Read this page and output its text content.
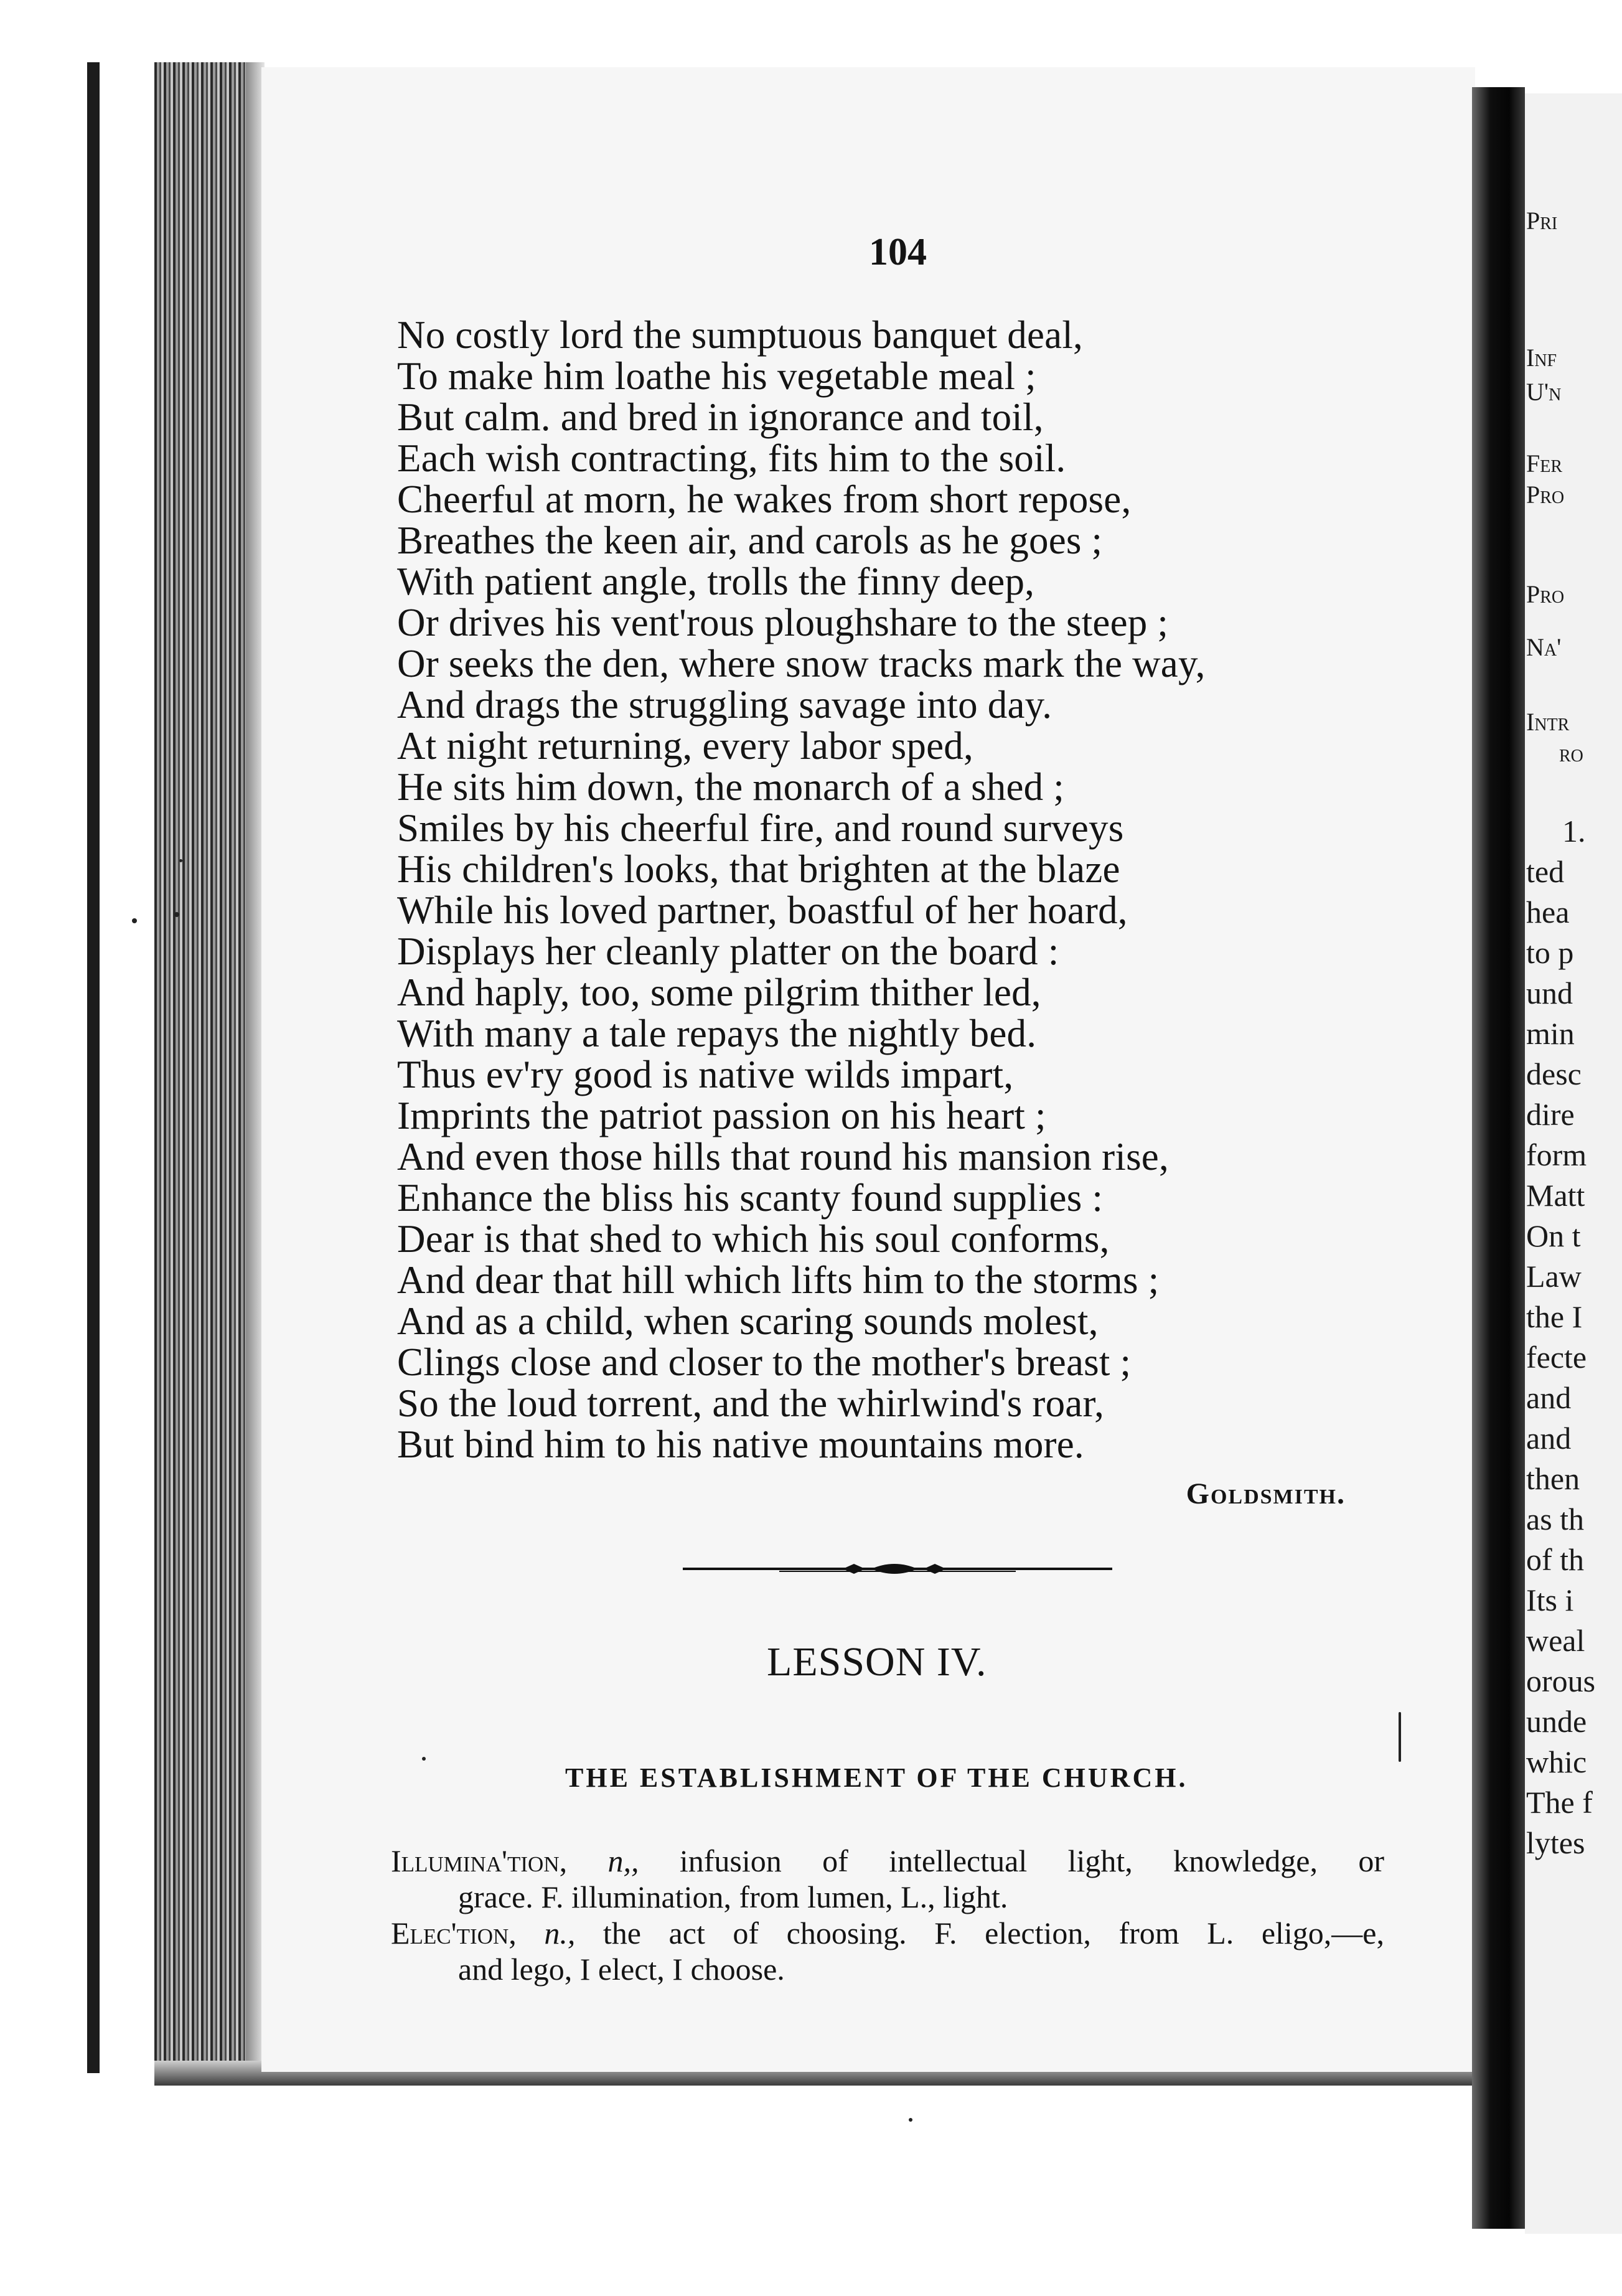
104
No costly lord the sumptuous banquet deal,
To make him loathe his vegetable meal ;
But calm. and bred in ignorance and toil,
Each wish contracting, fits him to the soil.
Cheerful at morn, he wakes from short repose,
Breathes the keen air, and carols as he goes ;
With patient angle, trolls the finny deep,
Or drives his vent'rous ploughshare to the steep ;
Or seeks the den, where snow tracks mark the way,
And drags the struggling savage into day.
At night returning, every labor sped,
He sits him down, the monarch of a shed ;
Smiles by his cheerful fire, and round surveys
His children's looks, that brighten at the blaze
While his loved partner, boastful of her hoard,
Displays her cleanly platter on the board :
And haply, too, some pilgrim thither led,
With many a tale repays the nightly bed.
Thus ev'ry good is native wilds impart,
Imprints the patriot passion on his heart ;
And even those hills that round his mansion rise,
Enhance the bliss his scanty found supplies :
Dear is that shed to which his soul conforms,
And dear that hill which lifts him to the storms ;
And as a child, when scaring sounds molest,
Clings close and closer to the mother's breast ;
So the loud torrent, and the whirlwind's roar,
But bind him to his native mountains more.
Goldsmith.
LESSON IV.
THE ESTABLISHMENT OF THE CHURCH.
Illumina'tion, n,, infusion of intellectual light, knowledge, or
grace. F. illumination, from lumen, L., light.
Elec'tion, n., the act of choosing. F. election, from L. eligo,—e,
and lego, I elect, I choose.
Pri
Inf
U'n
Fer
Pro
Pro
Na'
Intr
ro
1.
ted
hea
to p
und
min
desc
dire
form
Matt
On t
Law
the I
fecte
and
and
then
as th
of th
Its i
weal
orous
unde
whic
The f
lytes
